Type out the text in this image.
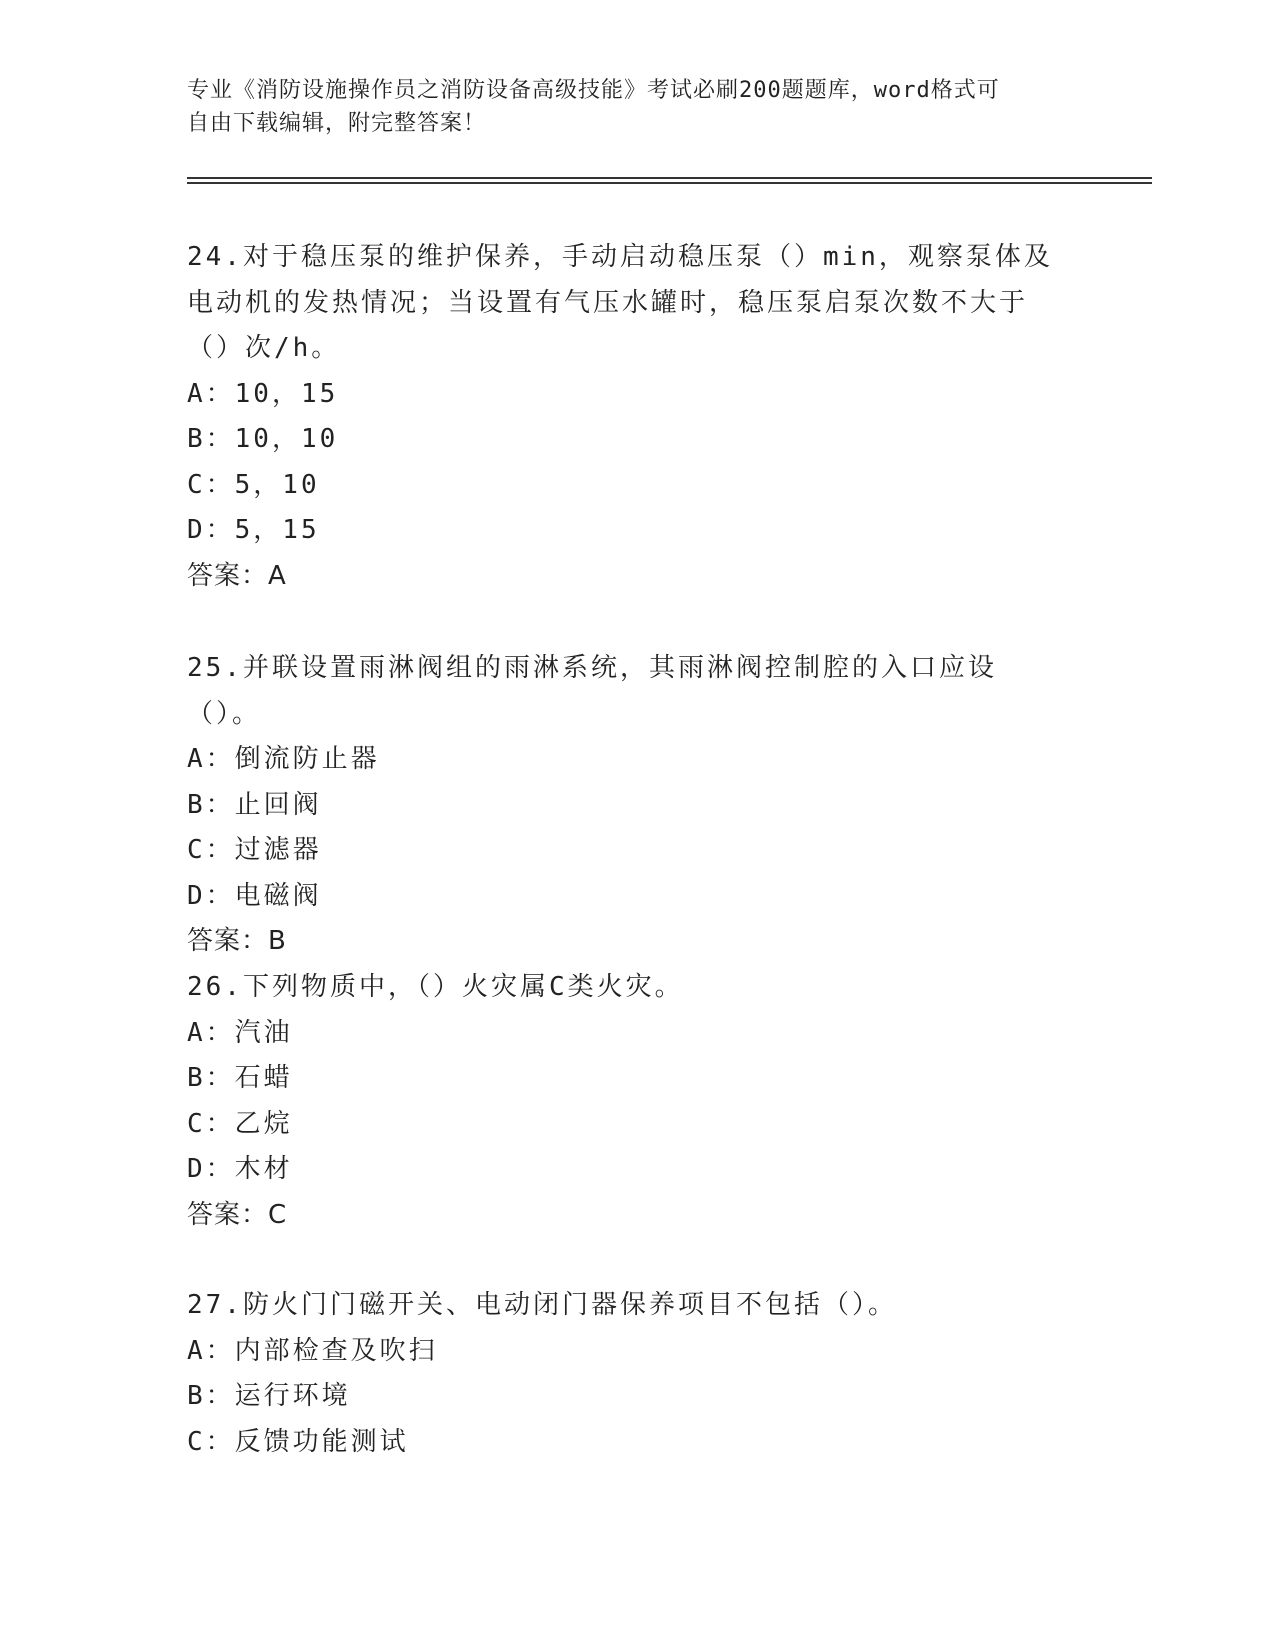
专业《消防设施操作员之消防设备高级技能》考试必刷200题题库，word格式可
自由下载编辑，附完整答案！
24.对于稳压泵的维护保养，手动启动稳压泵（）min，观察泵体及电动机的发热情况；当设置有气压水罐时，稳压泵启泵次数不大于（）次/h。
A：10，15
B：10，10
C：5，10
D：5，15
答案：A
25.并联设置雨淋阀组的雨淋系统，其雨淋阀控制腔的入口应设（）。
A：倒流防止器
B：止回阀
C：过滤器
D：电磁阀
答案：B
26.下列物质中，（）火灾属C类火灾。
A：汽油
B：石蜡
C：乙烷
D：木材
答案：C
27.防火门门磁开关、电动闭门器保养项目不包括（）。
A：内部检查及吹扫
B：运行环境
C：反馈功能测试
